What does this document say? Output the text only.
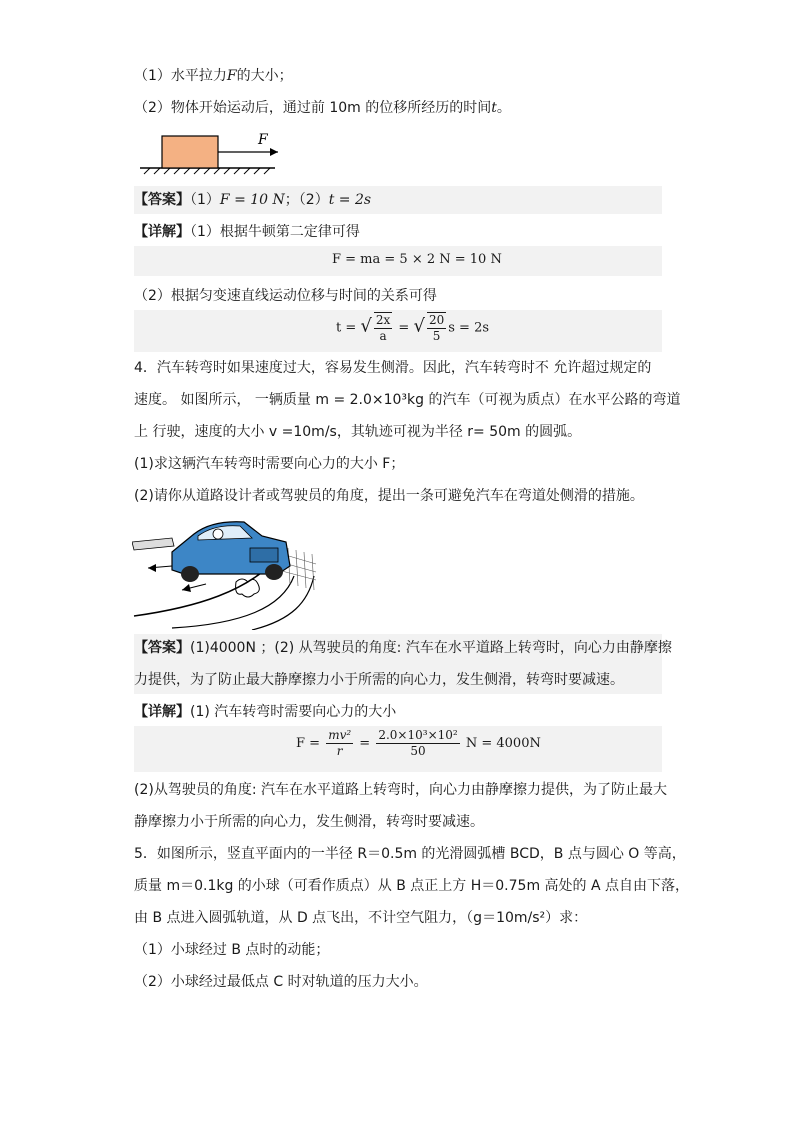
（1）水平拉力F的大小；
（2）物体开始运动后，通过前 10m 的位移所经历的时间t。
F
【答案】（1）F = 10 N；（2）t = 2s
【详解】（1）根据牛顿第二定律可得
F = ma = 5 × 2 N = 10 N
（2）根据匀变速直线运动位移与时间的关系可得
t = √ $\frac{2x}{a}$ = √ $\frac{20}{5}$ s = 2s
4．汽车转弯时如果速度过大，容易发生侧滑。因此，汽车转弯时不 允许超过规定的
速度。 如图所示， 一辆质量 m = 2.0×10³kg 的汽车（可视为质点）在水平公路的弯道
上 行驶，速度的大小 v =10m/s，其轨迹可视为半径 r= 50m 的圆弧。
(1)求这辆汽车转弯时需要向心力的大小 F；
(2)请你从道路设计者或驾驶员的角度，提出一条可避免汽车在弯道处侧滑的措施。
【答案】(1)4000N ；(2) 从驾驶员的角度: 汽车在水平道路上转弯时，向心力由静摩擦
力提供，为了防止最大静摩擦力小于所需的向心力，发生侧滑，转弯时要减速。
【详解】(1) 汽车转弯时需要向心力的大小
$F = \frac{\text{mv²}}{r} = \frac{\text{2.0×10³×10²}}{50}$ N = 4000N
(2)从驾驶员的角度: 汽车在水平道路上转弯时，向心力由静摩擦力提供，为了防止最大
静摩擦力小于所需的向心力，发生侧滑，转弯时要减速。
5．如图所示，竖直平面内的一半径 R＝0.5m 的光滑圆弧槽 BCD，B 点与圆心 O 等高，
质量 m＝0.1kg 的小球（可看作质点）从 B 点正上方 H＝0.75m 高处的 A 点自由下落，
由 B 点进入圆弧轨道，从 D 点飞出，不计空气阻力，（g＝10m/s²）求：
（1）小球经过 B 点时的动能；
（2）小球经过最低点 C 时对轨道的压力大小。
